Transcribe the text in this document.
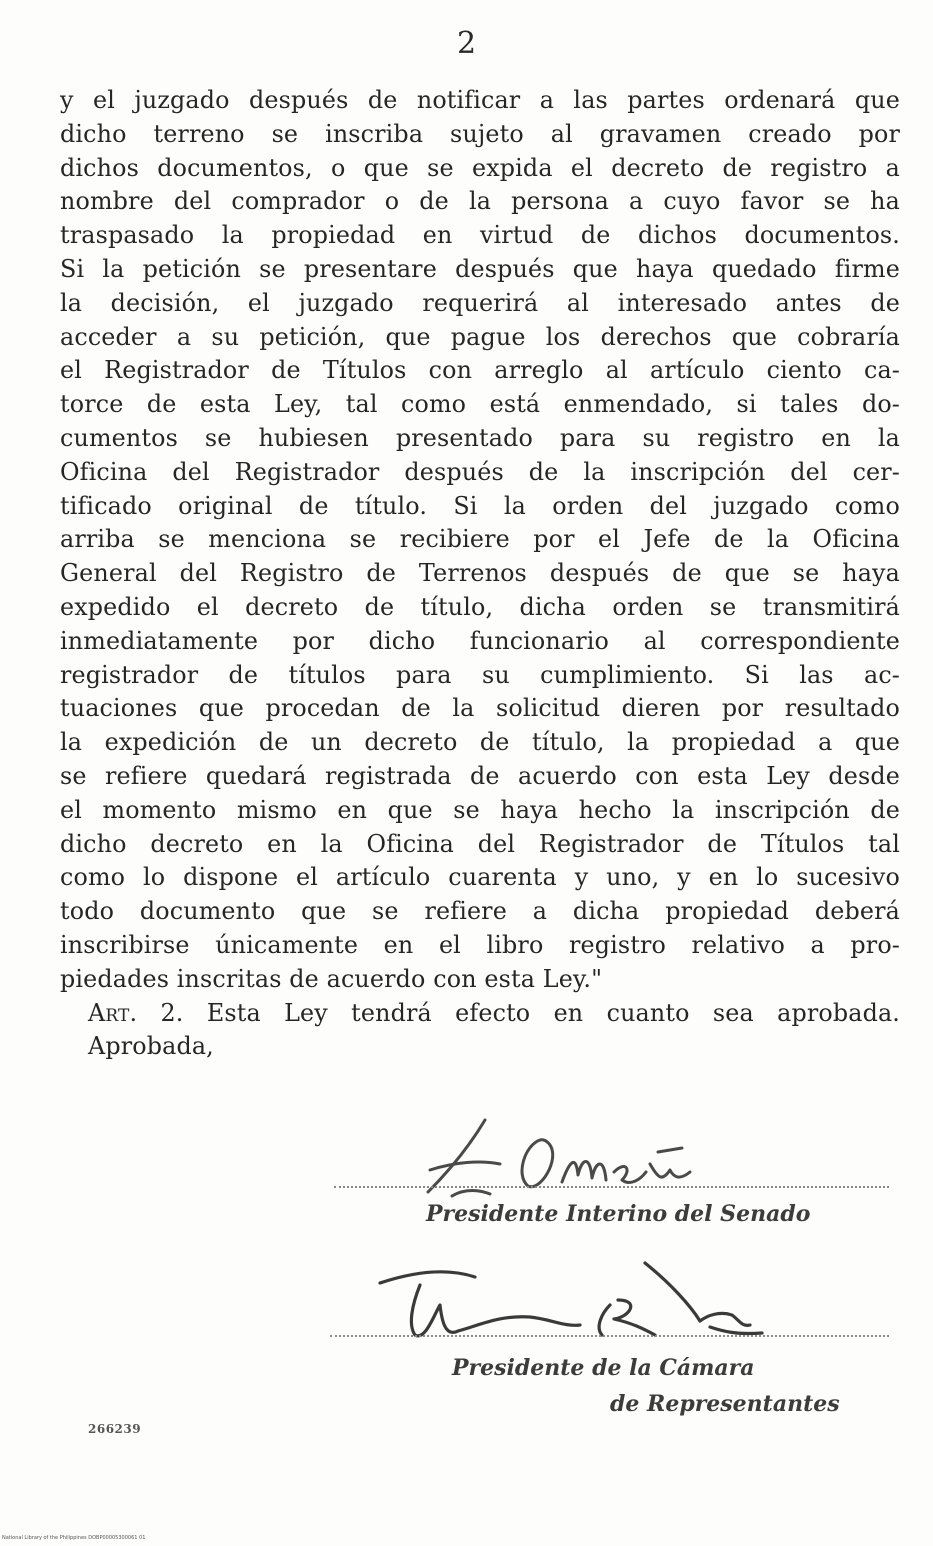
2
y el juzgado después de notificar a las partes ordenará que
dicho terreno se inscriba sujeto al gravamen creado por
dichos documentos, o que se expida el decreto de registro a
nombre del comprador o de la persona a cuyo favor se ha
traspasado la propiedad en virtud de dichos documentos.
Si la petición se presentare después que haya quedado firme
la decisión, el juzgado requerirá al interesado antes de
acceder a su petición, que pague los derechos que cobraría
el Registrador de Títulos con arreglo al artículo ciento ca-
torce de esta Ley, tal como está enmendado, si tales do-
cumentos se hubiesen presentado para su registro en la
Oficina del Registrador después de la inscripción del cer-
tificado original de título. Si la orden del juzgado como
arriba se menciona se recibiere por el Jefe de la Oficina
General del Registro de Terrenos después de que se haya
expedido el decreto de título, dicha orden se transmitirá
inmediatamente por dicho funcionario al correspondiente
registrador de títulos para su cumplimiento. Si las ac-
tuaciones que procedan de la solicitud dieren por resultado
la expedición de un decreto de título, la propiedad a que
se refiere quedará registrada de acuerdo con esta Ley desde
el momento mismo en que se haya hecho la inscripción de
dicho decreto en la Oficina del Registrador de Títulos tal
como lo dispone el artículo cuarenta y uno, y en lo sucesivo
todo documento que se refiere a dicha propiedad deberá
inscribirse únicamente en el libro registro relativo a pro-
piedades inscritas de acuerdo con esta Ley."
Art. 2. Esta Ley tendrá efecto en cuanto sea aprobada.
Aprobada,
Presidente Interino del Senado
Presidente de la Cámara
de Representantes
266239
National Library of the Philippines DOBP00005300061 01
